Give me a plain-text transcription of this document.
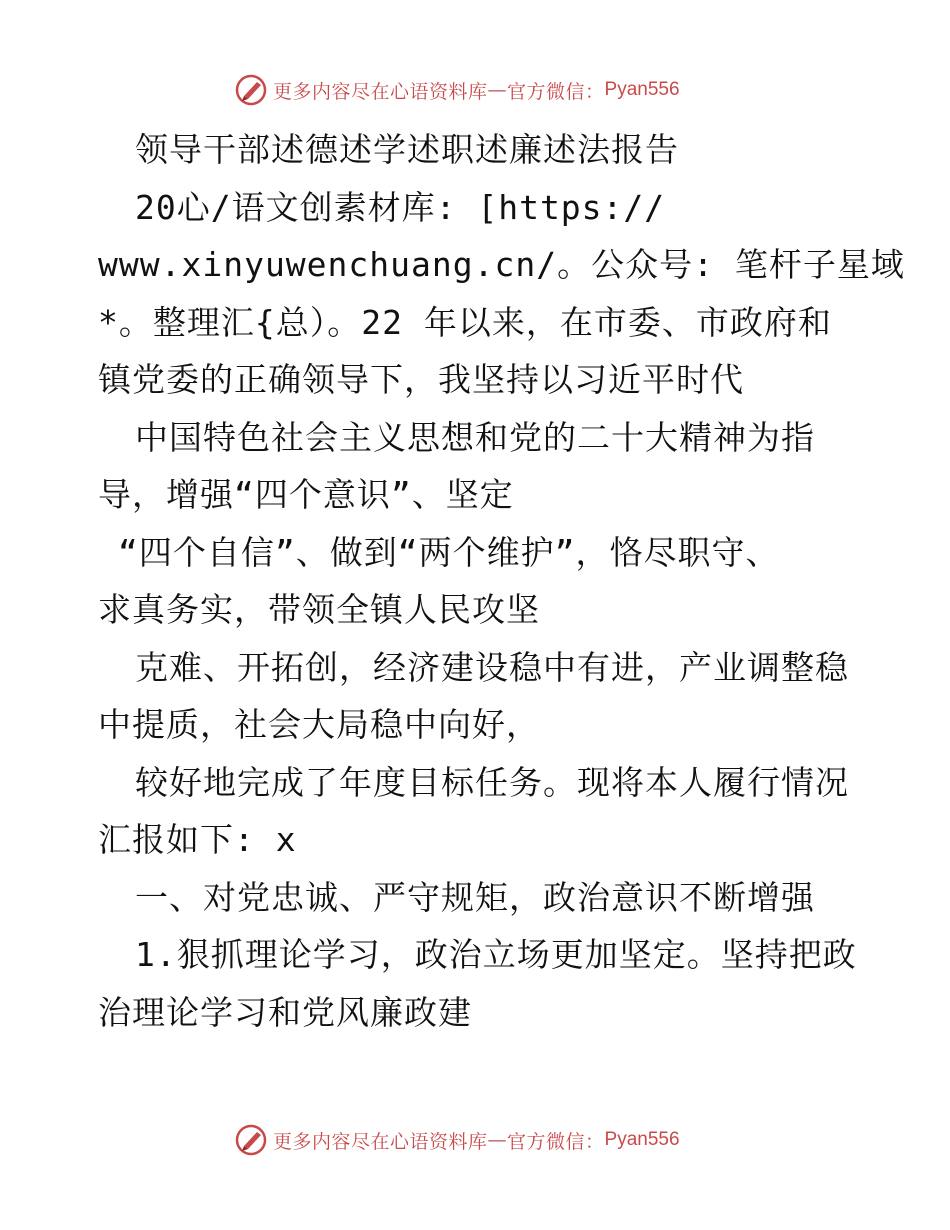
更多内容尽在心语资料库 — 官方微信： Pyan556
领导干部述德述学述职述廉述法报告
20心/语文创素材库: [https://
www.xinyuwenchuang.cn/。公众号: 笔杆子星域
*。整理汇{总）。22 年以来，在市委、市政府和
镇党委的正确领导下，我坚持以习近平时代
中国特色社会主义思想和党的二十大精神为指
导，增强“四个意识”、坚定
“四个自信”、做到“两个维护”，恪尽职守、
求真务实，带领全镇人民攻坚
克难、开拓创，经济建设稳中有进，产业调整稳
中提质，社会大局稳中向好，
较好地完成了年度目标任务。现将本人履行情况
汇报如下: x
一、对党忠诚、严守规矩，政治意识不断增强
1.狠抓理论学习，政治立场更加坚定。坚持把政
治理论学习和党风廉政建
更多内容尽在心语资料库 — 官方微信： Pyan556
